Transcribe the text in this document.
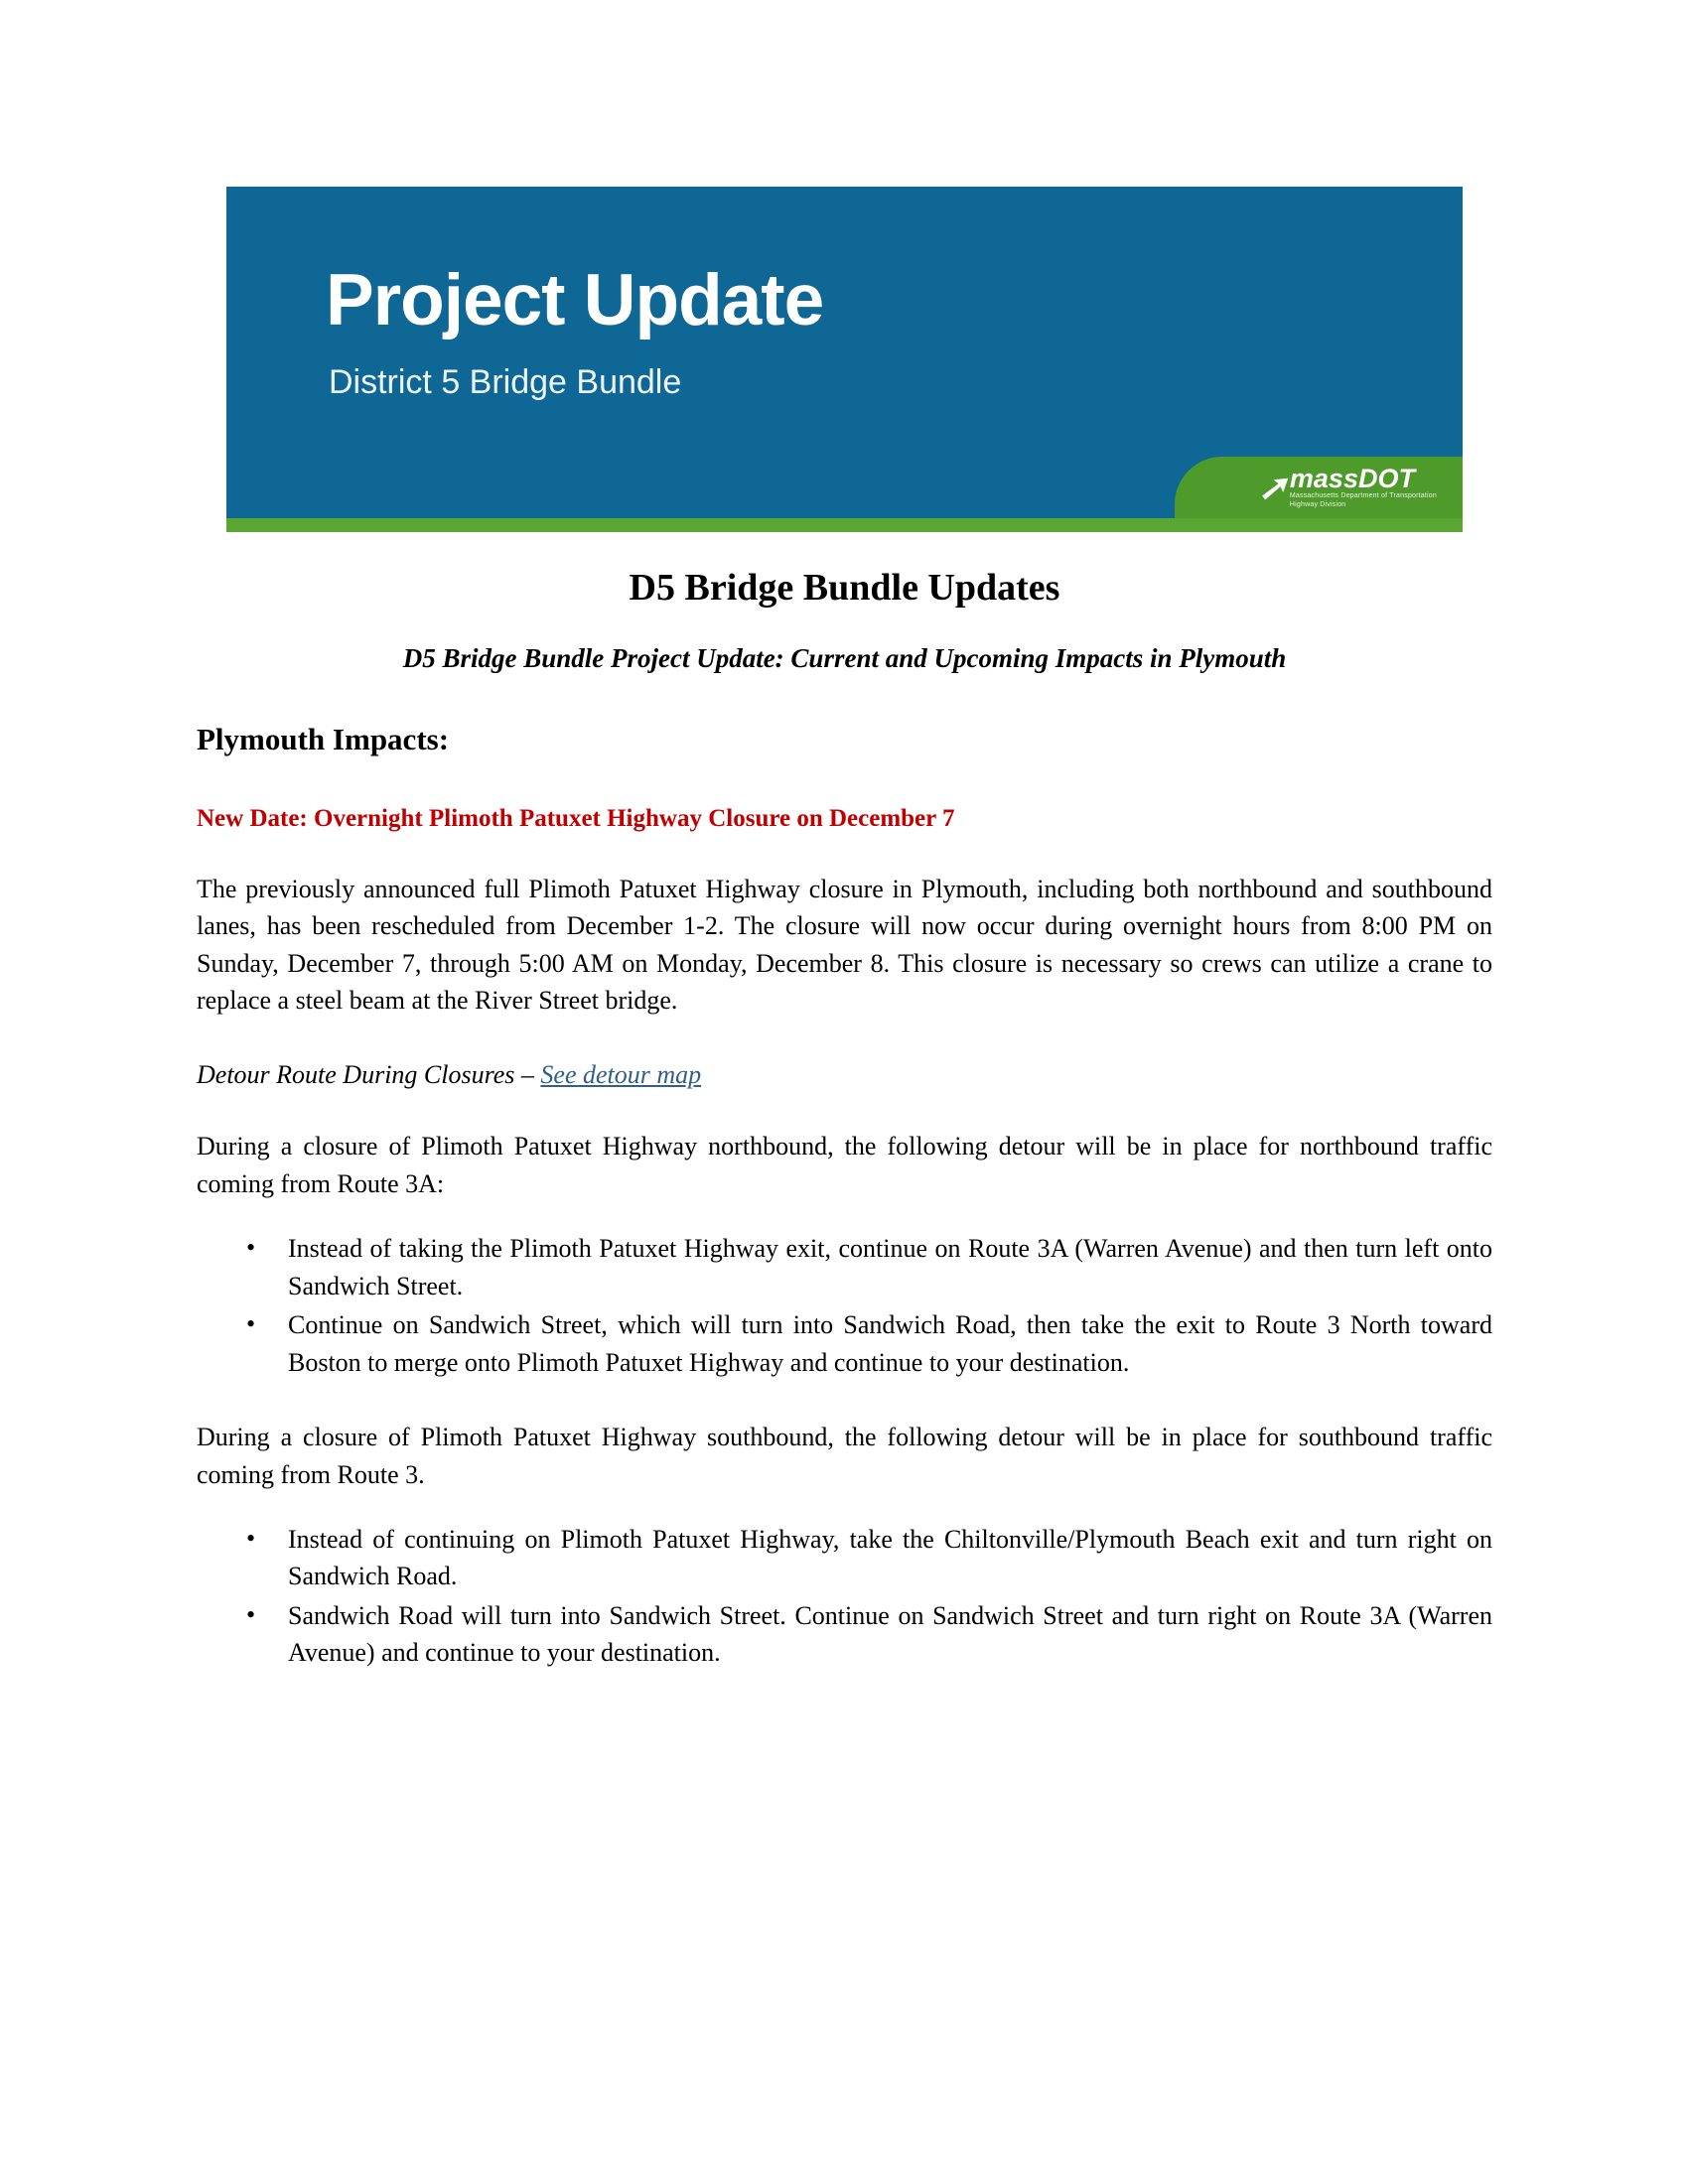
Project Update
District 5 Bridge Bundle
➚ massDOT
Massachusetts Department of Transportation
Highway Division
D5 Bridge Bundle Updates
D5 Bridge Bundle Project Update: Current and Upcoming Impacts in Plymouth
Plymouth Impacts:
New Date: Overnight Plimoth Patuxet Highway Closure on December 7

The previously announced full Plimoth Patuxet Highway closure in Plymouth, including both northbound and southbound lanes, has been rescheduled from December 1-2. The closure will now occur during overnight hours from 8:00 PM on Sunday, December 7, through 5:00 AM on Monday, December 8. This closure is necessary so crews can utilize a crane to replace a steel beam at the River Street bridge.

Detour Route During Closures – See detour map

During a closure of Plimoth Patuxet Highway northbound, the following detour will be in place for northbound traffic coming from Route 3A:

• Instead of taking the Plimoth Patuxet Highway exit, continue on Route 3A (Warren Avenue) and then turn left onto Sandwich Street.
• Continue on Sandwich Street, which will turn into Sandwich Road, then take the exit to Route 3 North toward Boston to merge onto Plimoth Patuxet Highway and continue to your destination.

During a closure of Plimoth Patuxet Highway southbound, the following detour will be in place for southbound traffic coming from Route 3.

• Instead of continuing on Plimoth Patuxet Highway, take the Chiltonville/Plymouth Beach exit and turn right on Sandwich Road.
• Sandwich Road will turn into Sandwich Street. Continue on Sandwich Street and turn right on Route 3A (Warren Avenue) and continue to your destination.
